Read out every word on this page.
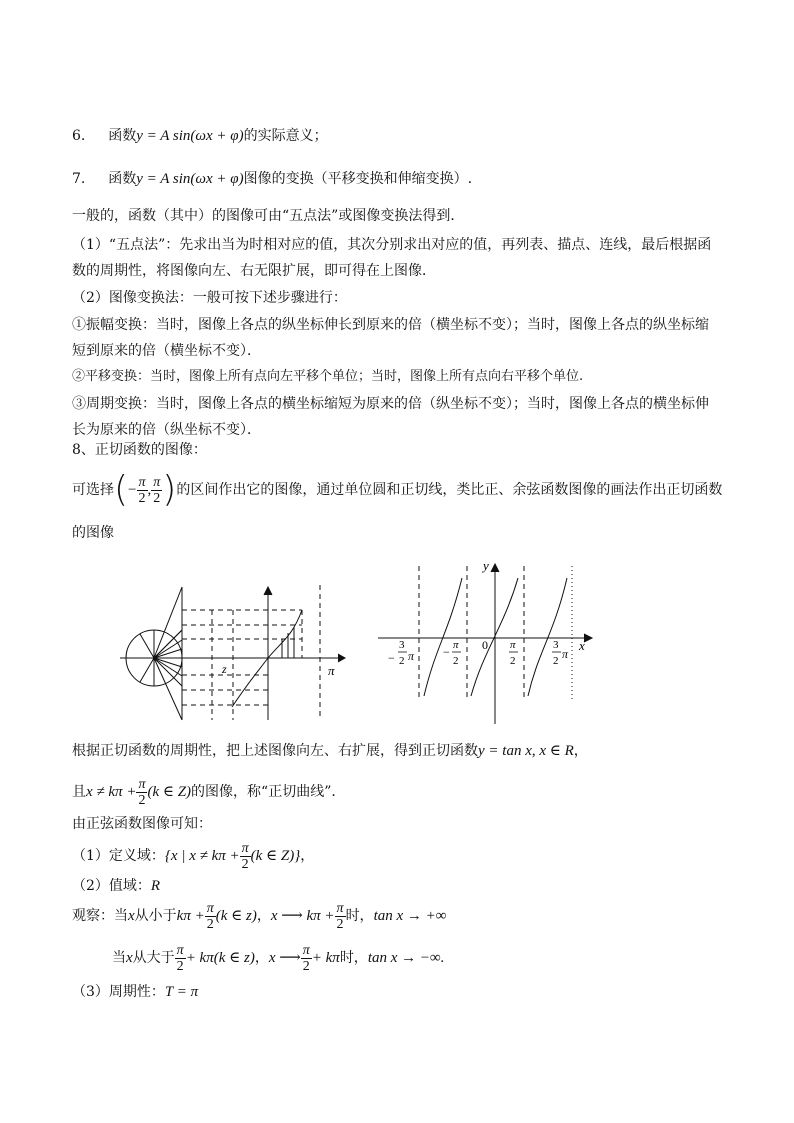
6. 函数y = A sin(ωx + φ)的实际意义；
7. 函数y = A sin(ωx + φ)图像的变换（平移变换和伸缩变换）.
一般的，函数（其中）的图像可由“五点法”或图像变换法得到．
（1）“五点法”：先求出当为时相对应的值，其次分别求出对应的值，再列表、描点、连线，最后根据函
数的周期性，将图像向左、右无限扩展，即可得在上图像．
（2）图像变换法：一般可按下述步骤进行：
①振幅变换：当时，图像上各点的纵坐标伸长到原来的倍（横坐标不变）；当时，图像上各点的纵坐标缩
短到原来的倍（横坐标不变）．
②平移变换：当时，图像上所有点向左平移个单位；当时，图像上所有点向右平移个单位.
③周期变换：当时，图像上各点的横坐标缩短为原来的倍（纵坐标不变）；当时，图像上各点的横坐标伸
长为原来的倍（纵坐标不变）．
8、正切函数的图像：
可选择(− $\frac{\pi}{2}$ , $\frac{\pi}{2}$ )的区间作出它的图像，通过单位圆和正切线，类比正、余弦函数图像的画法作出正切函数
的图像
z	π
y
x
0
−
3
2 π − π
2
π
2
3
2 π
根据正切函数的周期性，把上述图像向左、右扩展，得到正切函数y = tan x, x ∈ R，
且$x \ne k\pi + \frac{\pi}{2} (k$ ∈ Z)的图像，称“正切曲线”．
由正弦函数图像可知：
（1）定义域：{x | $x \ne k\pi + \frac{\pi}{2} (k$ ∈ Z)}，
（2）值域：R
观察：当x从小于$k\pi + \frac{\pi}{2} (k$ ∈ z)，x ⟶ $k\pi + \frac{\pi}{2}$ 时，tan x → +∞
当x从大于 $\frac{\pi}{2} + k\pi(k$ ∈ z)，x ⟶ $\frac{\pi}{2} + k\pi$时，tan x → −∞.
（3）周期性：T = π
